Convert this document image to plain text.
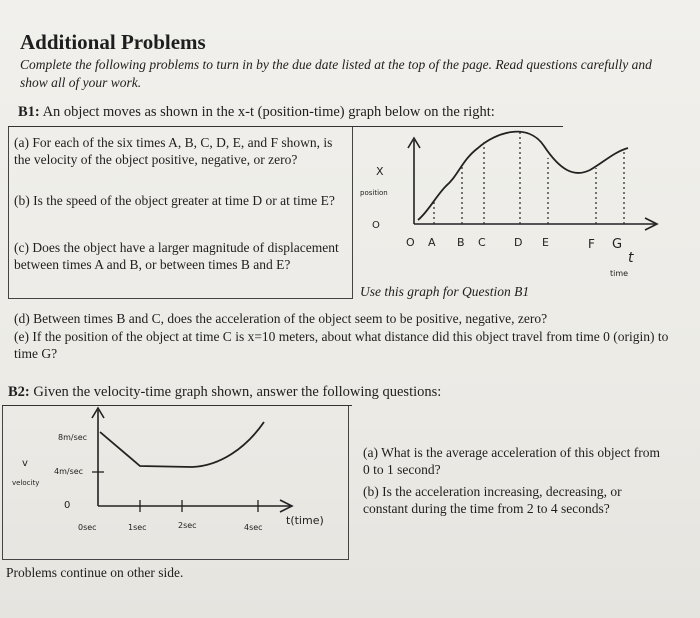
Additional Problems
Complete the following problems to turn in by the due date listed at the top of the page. Read questions carefully and show all of your work.
B1: An object moves as shown in the x-t (position-time) graph below on the right:
(a) For each of the six times A, B, C, D, E, and F shown, is the velocity of the object positive, negative, or zero?
(b) Is the speed of the object greater at time D or at time E?
(c) Does the object have a larger magnitude of displacement between times A and B, or between times B and E?
X
position
O
O A B C	D E	F G
t
time
8m/sec
v
velocity
4m/sec
0
0sec	1sec	2sec	4sec
t(time)
Use this graph for Question B1
(d) Between times B and C, does the acceleration of the object seem to be positive, negative, zero?
(e) If the position of the object at time C is x=10 meters, about what distance did this object travel from time 0 (origin) to time G?
B2: Given the velocity-time graph shown, answer the following questions:
(a) What is the average acceleration of this object from 0 to 1 second?
(b) Is the acceleration increasing, decreasing, or constant during the time from 2 to 4 seconds?
Problems continue on other side.
